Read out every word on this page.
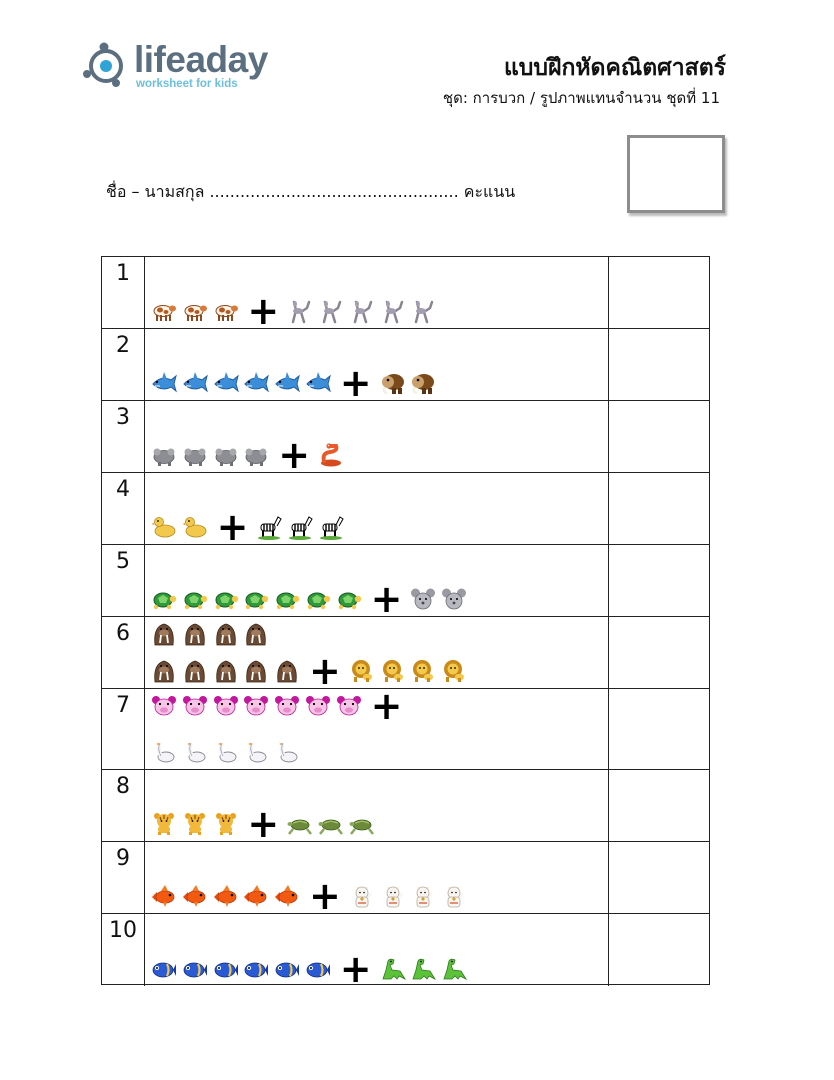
lifeaday
worksheet for kids
แบบฝึกหัดคณิตศาสตร์
ชุด: การบวก / รูปภาพแทนจำนวน ชุดที่ 11
ชื่อ – นามสกุล ................................................. คะแนน
1
+
2
+
3
+
4
+
5
+
6
+
7	+
8
+
9
+
10
+
